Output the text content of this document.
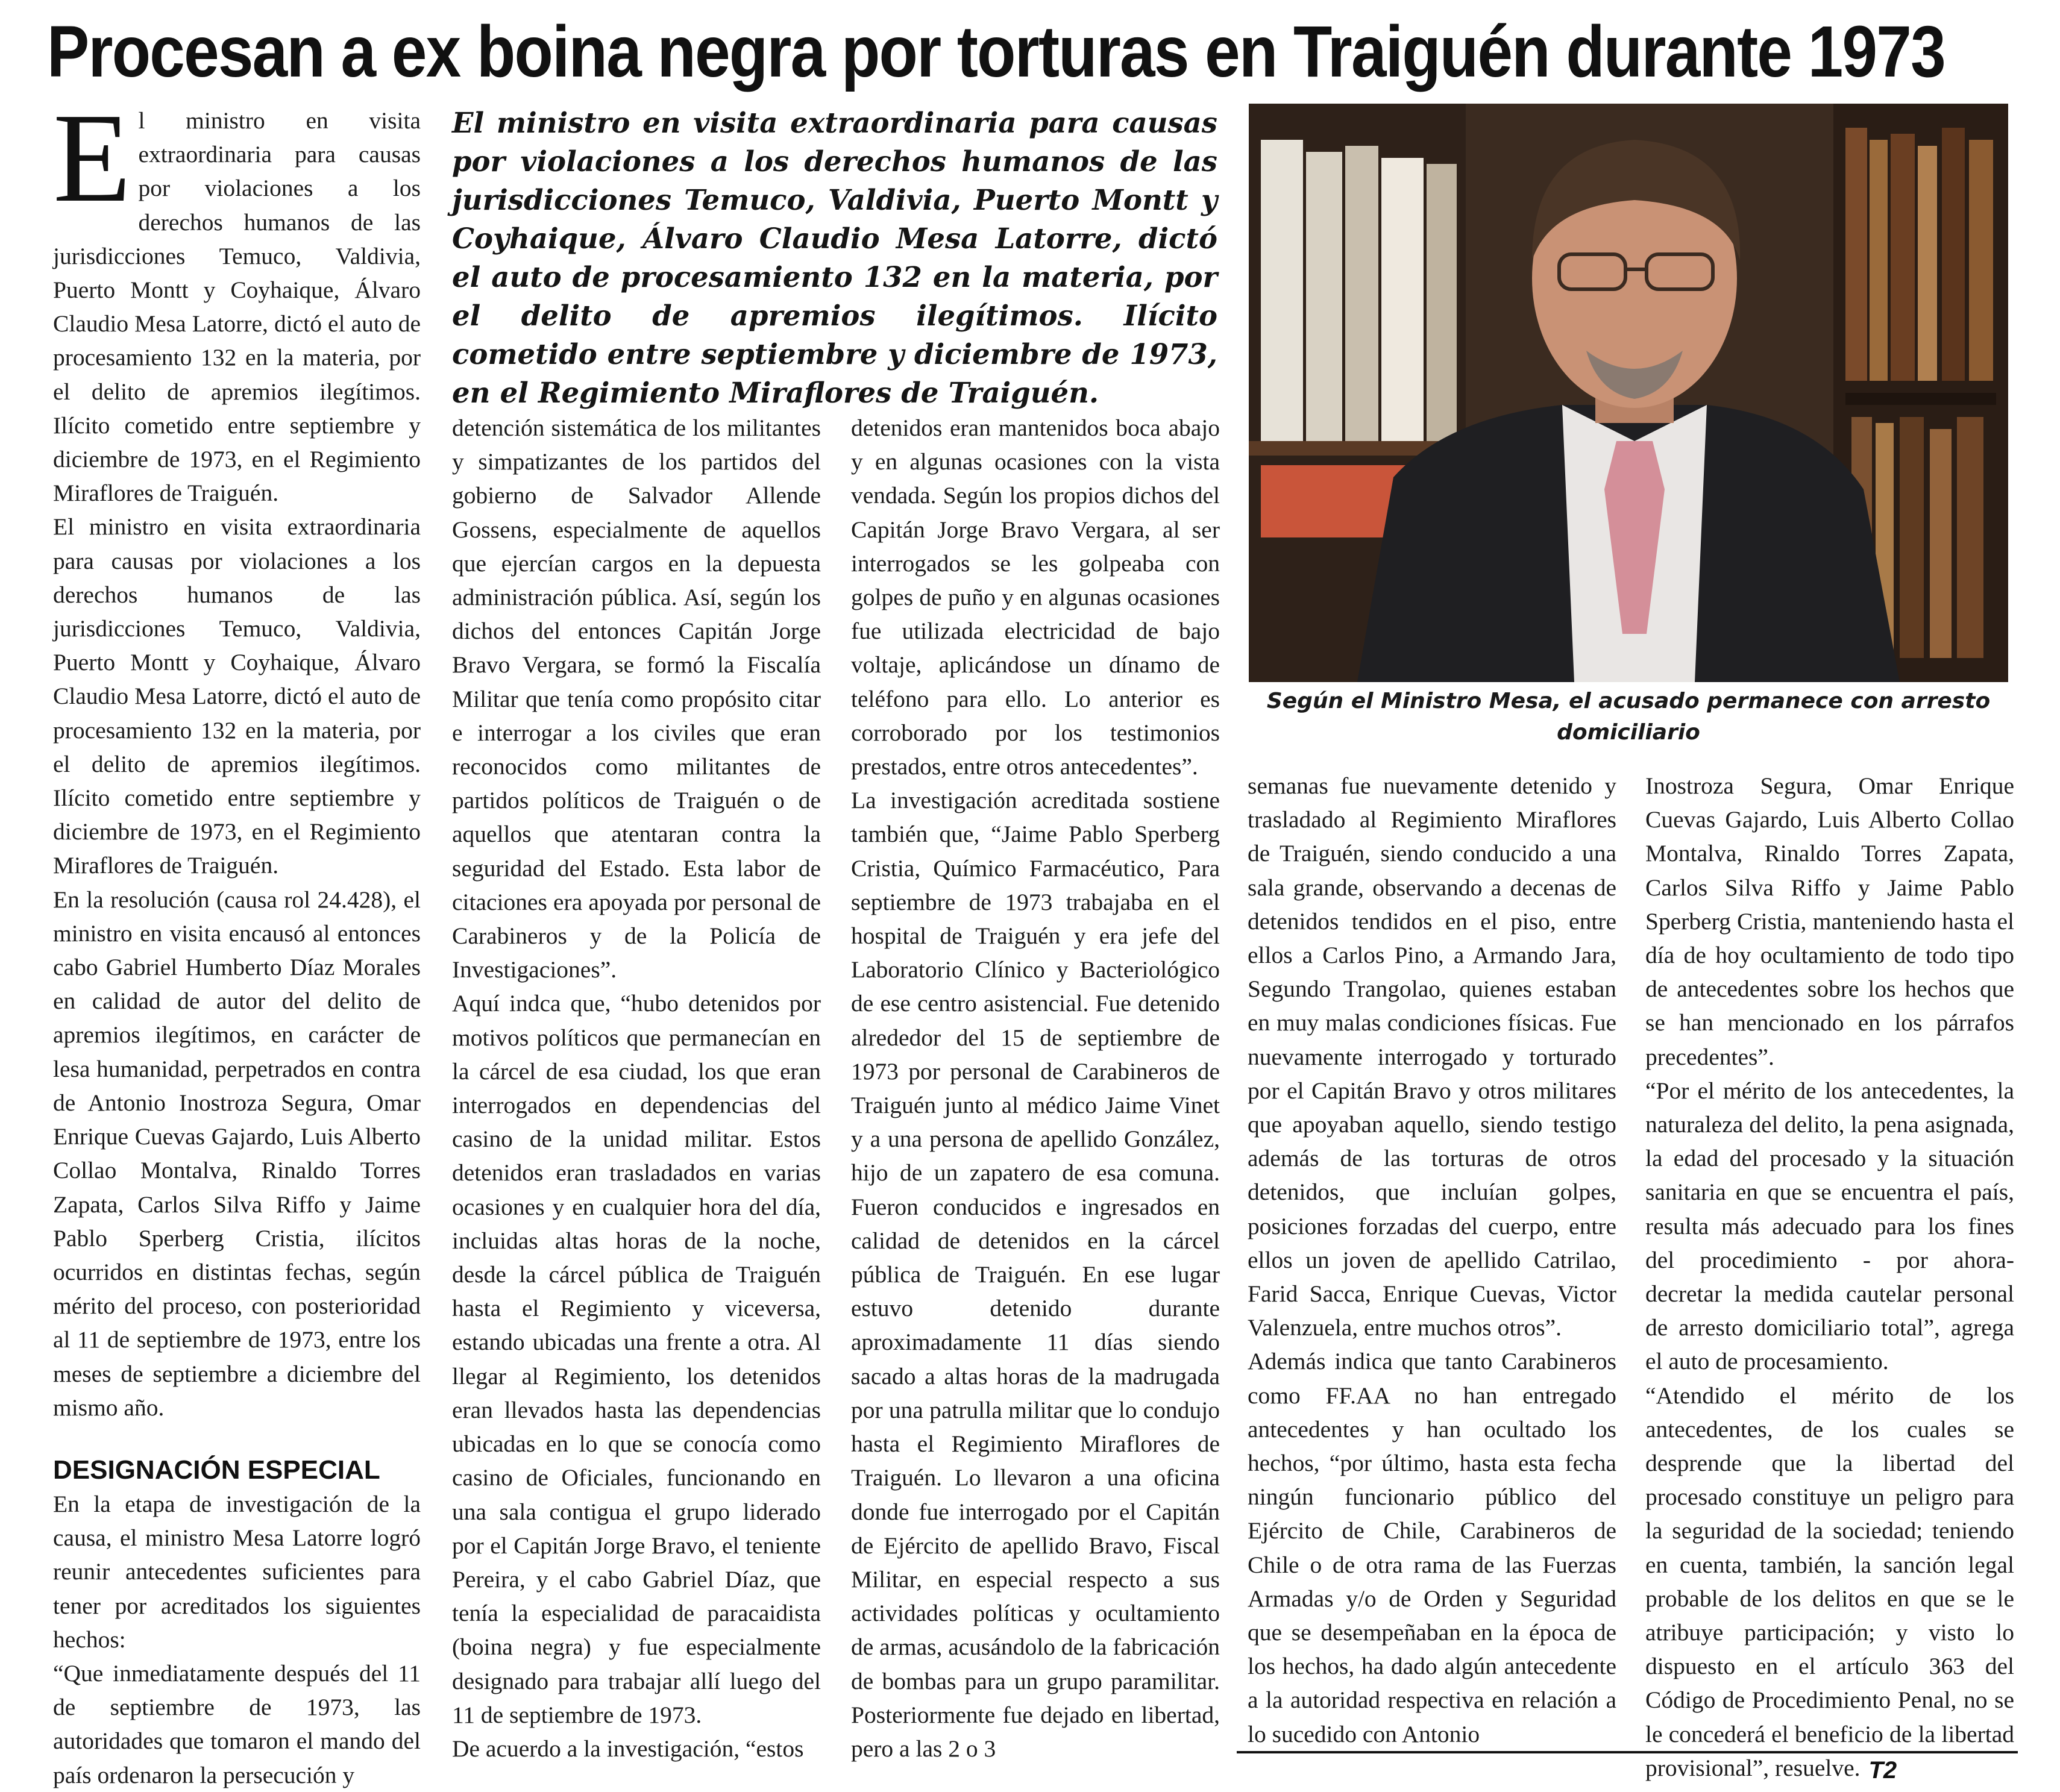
Procesan a ex boina negra por torturas en Traiguén durante 1973

El ministro en visita extraordinaria para causas por violaciones a los derechos humanos de las jurisdicciones Temuco, Valdivia, Puerto Montt y Coyhaique, Álvaro Claudio Mesa Latorre, dictó el auto de procesamiento 132 en la materia, por el delito de apremios ilegítimos. Ilícito cometido entre septiembre y diciembre de 1973, en el Regimiento Miraflores de Traiguén.

El ministro en visita extraordinaria para causas por violaciones a los derechos humanos de las jurisdicciones Temuco, Valdivia, Puerto Montt y Coyhaique, Álvaro Claudio Mesa Latorre, dictó el auto de procesamiento 132 en la materia, por el delito de apremios ilegítimos. Ilícito cometido entre septiembre y diciembre de 1973, en el Regimiento Miraflores de Traiguén.

En la resolución (causa rol 24.428), el ministro en visita encausó al entonces cabo Gabriel Humberto Díaz Morales en calidad de autor del delito de apremios ilegítimos, en carácter de lesa humanidad, perpetrados en contra de Antonio Inostroza Segura, Omar Enrique Cuevas Gajardo, Luis Alberto Collao Montalva, Rinaldo Torres Zapata, Carlos Silva Riffo y Jaime Pablo Sperberg Cristia, ilícitos ocurridos en distintas fechas, según mérito del proceso, con posterioridad al 11 de septiembre de 1973, entre los meses de septiembre a diciembre del mismo año.

DESIGNACIÓN ESPECIAL

En la etapa de investigación de la causa, el ministro Mesa Latorre logró reunir antecedentes suficientes para tener por acreditados los siguientes hechos:

“Que inmediatamente después del 11 de septiembre de 1973, las autoridades que tomaron el mando del país ordenaron la persecución y

El ministro en visita extraordinaria para causas por violaciones a los derechos humanos de las jurisdicciones Temuco, Valdivia, Puerto Montt y Coyhaique, Álvaro Claudio Mesa Latorre, dictó el auto de procesamiento 132 en la materia, por el delito de apremios ilegítimos. Ilícito cometido entre septiembre y diciembre de 1973, en el Regimiento Miraflores de Traiguén.

detención sistemática de los militantes y simpatizantes de los partidos del gobierno de Salvador Allende Gossens, especialmente de aquellos que ejercían cargos en la depuesta administración pública. Así, según los dichos del entonces Capitán Jorge Bravo Vergara, se formó la Fiscalía Militar que tenía como propósito citar e interrogar a los civiles que eran reconocidos como militantes de partidos políticos de Traiguén o de aquellos que atentaran contra la seguridad del Estado. Esta labor de citaciones era apoyada por personal de Carabineros y de la Policía de Investigaciones”.

Aquí indca que, “hubo detenidos por motivos políticos que permanecían en la cárcel de esa ciudad, los que eran interrogados en dependencias del casino de la unidad militar. Estos detenidos eran trasladados en varias ocasiones y en cualquier hora del día, incluidas altas horas de la noche, desde la cárcel pública de Traiguén hasta el Regimiento y viceversa, estando ubicadas una frente a otra. Al llegar al Regimiento, los detenidos eran llevados hasta las dependencias ubicadas en lo que se conocía como casino de Oficiales, funcionando en una sala contigua el grupo liderado por el Capitán Jorge Bravo, el teniente Pereira, y el cabo Gabriel Díaz, que tenía la especialidad de paracaidista (boina negra) y fue especialmente designado para trabajar allí luego del 11 de septiembre de 1973.

De acuerdo a la investigación, “estos

detenidos eran mantenidos boca abajo y en algunas ocasiones con la vista vendada. Según los propios dichos del Capitán Jorge Bravo Vergara, al ser interrogados se les golpeaba con golpes de puño y en algunas ocasiones fue utilizada electricidad de bajo voltaje, aplicándose un dínamo de teléfono para ello. Lo anterior es corroborado por los testimonios prestados, entre otros antecedentes”.

La investigación acreditada sostiene también que, “Jaime Pablo Sperberg Cristia, Químico Farmacéutico, Para septiembre de 1973 trabajaba en el hospital de Traiguén y era jefe del Laboratorio Clínico y Bacteriológico de ese centro asistencial. Fue detenido alrededor del 15 de septiembre de 1973 por personal de Carabineros de Traiguén junto al médico Jaime Vinet y a una persona de apellido González, hijo de un zapatero de esa comuna. Fueron conducidos e ingresados en calidad de detenidos en la cárcel pública de Traiguén. En ese lugar estuvo detenido durante aproximadamente 11 días siendo sacado a altas horas de la madrugada por una patrulla militar que lo condujo hasta el Regimiento Miraflores de Traiguén. Lo llevaron a una oficina donde fue interrogado por el Capitán de Ejército de apellido Bravo, Fiscal Militar, en especial respecto a sus actividades políticas y ocultamiento de armas, acusándolo de la fabricación de bombas para un grupo paramilitar. Posteriormente fue dejado en libertad, pero a las 2 o 3

Según el Ministro Mesa, el acusado permanece con arresto domiciliario

semanas fue nuevamente detenido y trasladado al Regimiento Miraflores de Traiguén, siendo conducido a una sala grande, observando a decenas de detenidos tendidos en el piso, entre ellos a Carlos Pino, a Armando Jara, Segundo Trangolao, quienes estaban en muy malas condiciones físicas. Fue nuevamente interrogado y torturado por el Capitán Bravo y otros militares que apoyaban aquello, siendo testigo además de las torturas de otros detenidos, que incluían golpes, posiciones forzadas del cuerpo, entre ellos un joven de apellido Catrilao, Farid Sacca, Enrique Cuevas, Victor Valenzuela, entre muchos otros”.

Además indica que tanto Carabineros como FF.AA no han entregado antecedentes y han ocultado los hechos, “por último, hasta esta fecha ningún funcionario público del Ejército de Chile, Carabineros de Chile o de otra rama de las Fuerzas Armadas y/o de Orden y Seguridad que se desempeñaban en la época de los hechos, ha dado algún antecedente a la autoridad respectiva en relación a lo sucedido con Antonio

Inostroza Segura, Omar Enrique Cuevas Gajardo, Luis Alberto Collao Montalva, Rinaldo Torres Zapata, Carlos Silva Riffo y Jaime Pablo Sperberg Cristia, manteniendo hasta el día de hoy ocultamiento de todo tipo de antecedentes sobre los hechos que se han mencionado en los párrafos precedentes”.

“Por el mérito de los antecedentes, la naturaleza del delito, la pena asignada, la edad del procesado y la situación sanitaria en que se encuentra el país, resulta más adecuado para los fines del procedimiento - por ahora- decretar la medida cautelar personal de arresto domiciliario total”, agrega el auto de procesamiento.

“Atendido el mérito de los antecedentes, de los cuales se desprende que la libertad del procesado constituye un peligro para la seguridad de la sociedad; teniendo en cuenta, también, la sanción legal probable de los delitos en que se le atribuye participación; y visto lo dispuesto en el artículo 363 del Código de Procedimiento Penal, no se le concederá el beneficio de la libertad provisional”, resuelve. T2
